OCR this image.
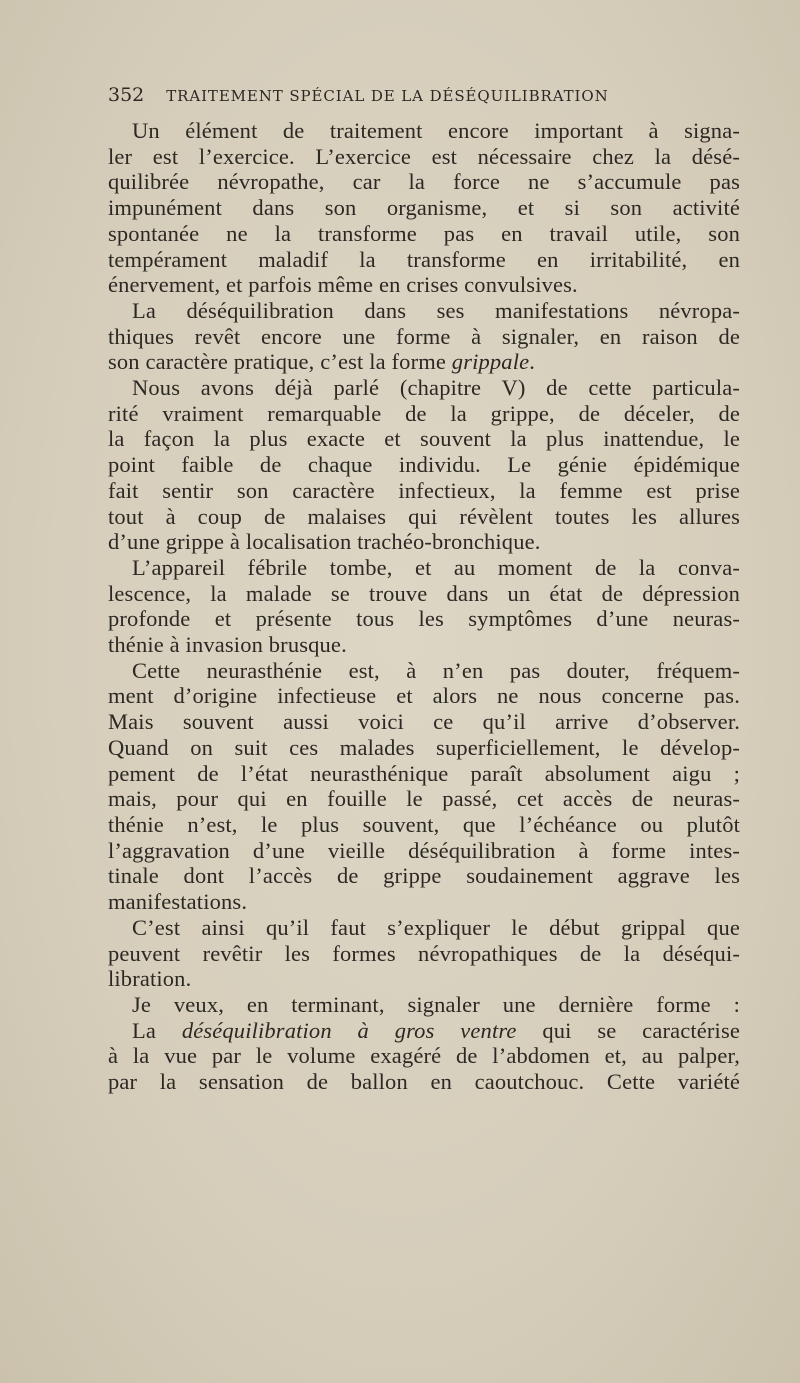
352 TRAITEMENT SPÉCIAL DE LA DÉSÉQUILIBRATION
Un élément de traitement encore important à signa-
ler est l’exercice. L’exercice est nécessaire chez la désé-
quilibrée névropathe, car la force ne s’accumule pas
impunément dans son organisme, et si son activité
spontanée ne la transforme pas en travail utile, son
tempérament maladif la transforme en irritabilité, en
énervement, et parfois même en crises convulsives.
La déséquilibration dans ses manifestations névropa-
thiques revêt encore une forme à signaler, en raison de
son caractère pratique, c’est la forme grippale.
Nous avons déjà parlé (chapitre V) de cette particula-
rité vraiment remarquable de la grippe, de déceler, de
la façon la plus exacte et souvent la plus inattendue, le
point faible de chaque individu. Le génie épidémique
fait sentir son caractère infectieux, la femme est prise
tout à coup de malaises qui révèlent toutes les allures
d’une grippe à localisation trachéo-bronchique.
L’appareil fébrile tombe, et au moment de la conva-
lescence, la malade se trouve dans un état de dépression
profonde et présente tous les symptômes d’une neuras-
thénie à invasion brusque.
Cette neurasthénie est, à n’en pas douter, fréquem-
ment d’origine infectieuse et alors ne nous concerne pas.
Mais souvent aussi voici ce qu’il arrive d’observer.
Quand on suit ces malades superficiellement, le dévelop-
pement de l’état neurasthénique paraît absolument aigu ;
mais, pour qui en fouille le passé, cet accès de neuras-
thénie n’est, le plus souvent, que l’échéance ou plutôt
l’aggravation d’une vieille déséquilibration à forme intes-
tinale dont l’accès de grippe soudainement aggrave les
manifestations.
C’est ainsi qu’il faut s’expliquer le début grippal que
peuvent revêtir les formes névropathiques de la déséqui-
libration.
Je veux, en terminant, signaler une dernière forme :
La déséquilibration à gros ventre qui se caractérise
à la vue par le volume exagéré de l’abdomen et, au palper,
par la sensation de ballon en caoutchouc. Cette variété
